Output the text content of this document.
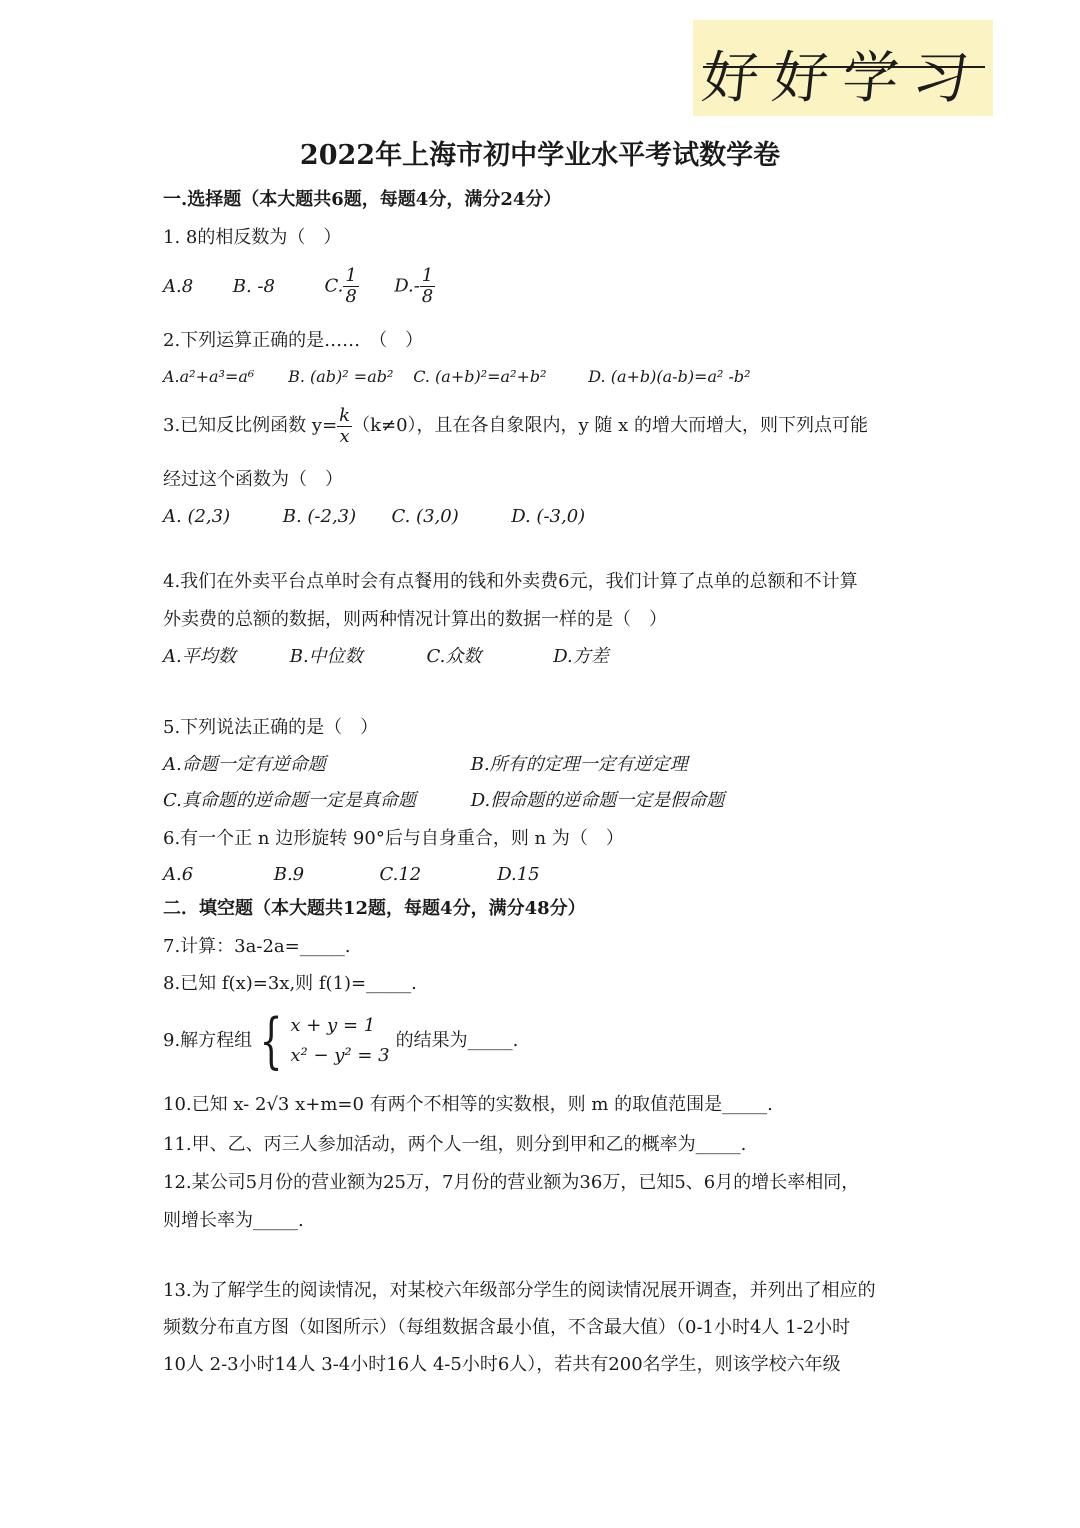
好好学习
2022年上海市初中学业水平考试数学卷
一.选择题（本大题共6题，每题4分，满分24分）
1. 8的相反数为（　）
A.8 B. -8	C. $\frac{1}{8} D.- \frac{1}{8}$
2.下列运算正确的是……　（　）
A.a²+a³=a⁶ B. (ab)² =ab² C. (a+b)²=a²+b²	D. (a+b)(a-b)=a² -b²
3.已知反比例函数 $y= \frac{k}{x} (k\ne 0)$，且在各自象限内，y 随 x 的增大而增大，则下列点可能
经过这个函数为（　）
A. (2,3)	B. (-2,3) C. (3,0)	D. (-3,0)
4.我们在外卖平台点单时会有点餐用的钱和外卖费6元，我们计算了点单的总额和不计算
外卖费的总额的数据，则两种情况计算出的数据一样的是（　）
A.平均数	B.中位数	C.众数	D.方差
5.下列说法正确的是（　）
A.命题一定有逆命题	B.所有的定理一定有逆定理
C.真命题的逆命题一定是真命题	D.假命题的逆命题一定是假命题
6.有一个正 n 边形旋转 90°后与自身重合，则 n 为（　）
A.6	B.9	C.12	D.15
二．填空题（本大题共12题，每题4分，满分48分）
7.计算：3a-2a=_____.
8.已知 f(x)=3x,则 f(1)=_____.
9.解方程组 { x + y = 1
x² − y² = 3
的结果为_____.
10.已知 x- 2√3 x+m=0 有两个不相等的实数根，则 m 的取值范围是_____.
11.甲、乙、丙三人参加活动，两个人一组，则分到甲和乙的概率为_____.
12.某公司5月份的营业额为25万，7月份的营业额为36万，已知5、6月的增长率相同，
则增长率为_____.
13.为了解学生的阅读情况，对某校六年级部分学生的阅读情况展开调查，并列出了相应的
频数分布直方图（如图所示）（每组数据含最小值，不含最大值）（0-1小时4人 1-2小时
10人 2-3小时14人 3-4小时16人 4-5小时6人），若共有200名学生，则该学校六年级
